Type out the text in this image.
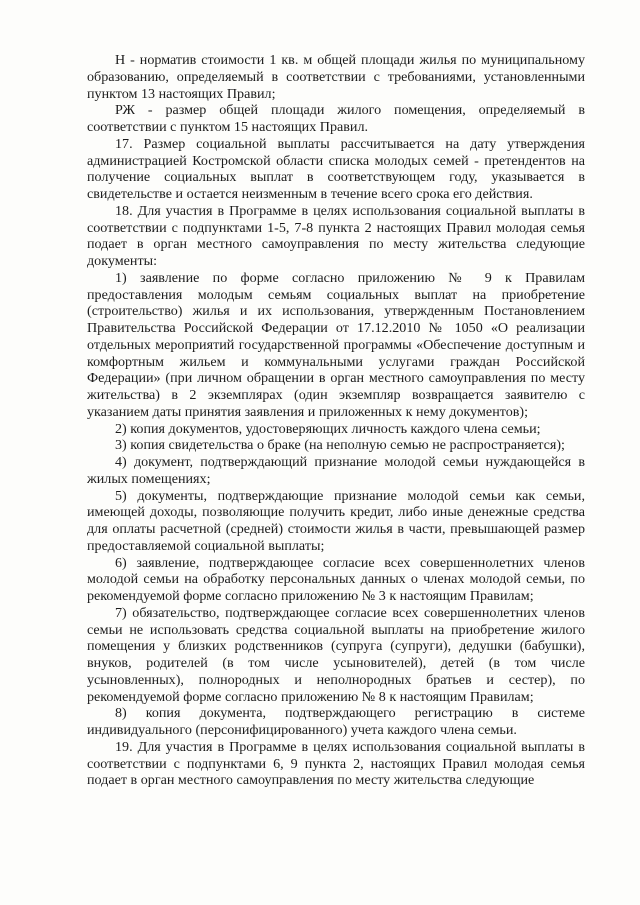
Н - норматив стоимости 1 кв. м общей площади жилья по муниципальному образованию, определяемый в соответствии с требованиями, установленными пунктом 13 настоящих Правил;

РЖ - размер общей площади жилого помещения, определяемый в соответствии с пунктом 15 настоящих Правил.

17. Размер социальной выплаты рассчитывается на дату утверждения администрацией Костромской области списка молодых семей - претендентов на получение социальных выплат в соответствующем году, указывается в свидетельстве и остается неизменным в течение всего срока его действия.

18. Для участия в Программе в целях использования социальной выплаты в соответствии с подпунктами 1-5, 7-8 пункта 2 настоящих Правил молодая семья подает в орган местного самоуправления по месту жительства следующие документы:

1) заявление по форме согласно приложению № 9 к Правилам предоставления молодым семьям социальных выплат на приобретение (строительство) жилья и их использования, утвержденным Постановлением Правительства Российской Федерации от 17.12.2010 № 1050 «О реализации отдельных мероприятий государственной программы «Обеспечение доступным и комфортным жильем и коммунальными услугами граждан Российской Федерации» (при личном обращении в орган местного самоуправления по месту жительства) в 2 экземплярах (один экземпляр возвращается заявителю с указанием даты принятия заявления и приложенных к нему документов);

2) копия документов, удостоверяющих личность каждого члена семьи;

3) копия свидетельства о браке (на неполную семью не распространяется);

4) документ, подтверждающий признание молодой семьи нуждающейся в жилых помещениях;

5) документы, подтверждающие признание молодой семьи как семьи, имеющей доходы, позволяющие получить кредит, либо иные денежные средства для оплаты расчетной (средней) стоимости жилья в части, превышающей размер предоставляемой социальной выплаты;

6) заявление, подтверждающее согласие всех совершеннолетних членов молодой семьи на обработку персональных данных о членах молодой семьи, по рекомендуемой форме согласно приложению № 3 к настоящим Правилам;

7) обязательство, подтверждающее согласие всех совершеннолетних членов семьи не использовать средства социальной выплаты на приобретение жилого помещения у близких родственников (супруга (супруги), дедушки (бабушки), внуков, родителей (в том числе усыновителей), детей (в том числе усыновленных), полнородных и неполнородных братьев и сестер), по рекомендуемой форме согласно приложению № 8 к настоящим Правилам;

8) копия документа, подтверждающего регистрацию в системе индивидуального (персонифицированного) учета каждого члена семьи.

19. Для участия в Программе в целях использования социальной выплаты в соответствии с подпунктами 6, 9 пункта 2, настоящих Правил молодая семья подает в орган местного самоуправления по месту жительства следующие
